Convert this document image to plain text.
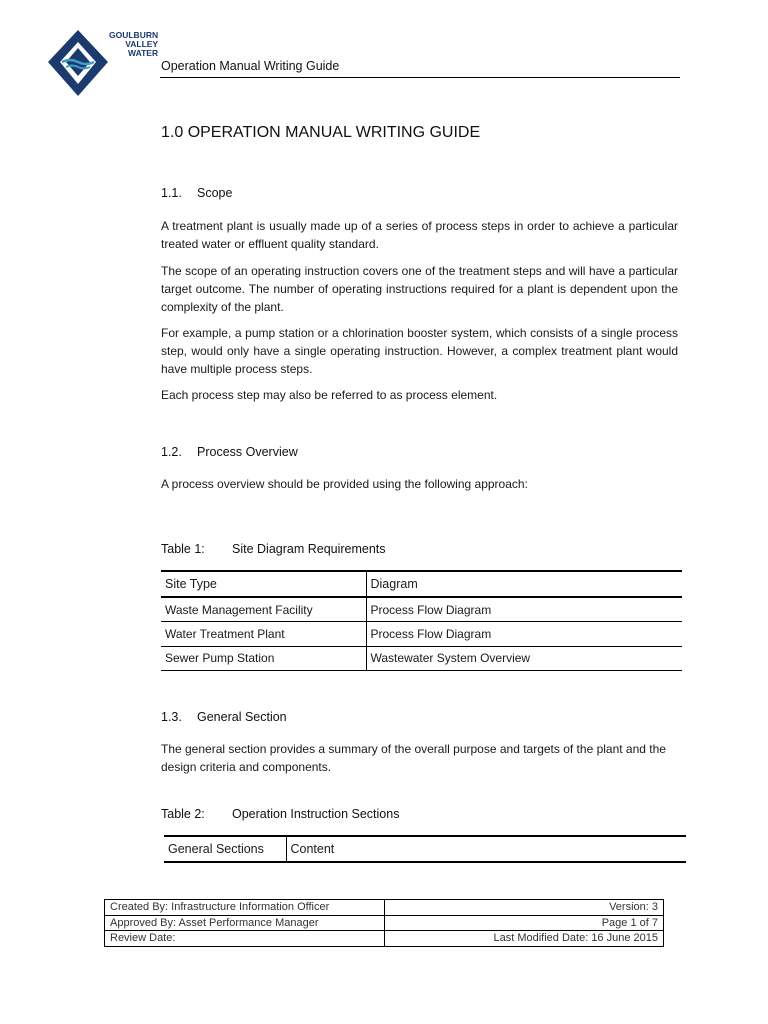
GOULBURN
VALLEY
WATER
Operation Manual Writing Guide
1.0 OPERATION MANUAL WRITING GUIDE
1.1. Scope

A treatment plant is usually made up of a series of process steps in order to achieve a particular treated water or effluent quality standard.

The scope of an operating instruction covers one of the treatment steps and will have a particular target outcome. The number of operating instructions required for a plant is dependent upon the complexity of the plant.

For example, a pump station or a chlorination booster system, which consists of a single process step, would only have a single operating instruction. However, a complex treatment plant would have multiple process steps.

Each process step may also be referred to as process element.

1.2. Process Overview

A process overview should be provided using the following approach:

Table 1: Site Diagram Requirements
Site Type	Diagram
Waste Management Facility	Process Flow Diagram
Water Treatment Plant	Process Flow Diagram
Sewer Pump Station	Wastewater System Overview
1.3. General Section

The general section provides a summary of the overall purpose and targets of the plant and the design criteria and components.

Table 2: Operation Instruction Sections
General Sections	Content
Created By: Infrastructure Information Officer	Version: 3
Approved By: Asset Performance Manager	Page 1 of 7
Review Date:	Last Modified Date: 16 June 2015
